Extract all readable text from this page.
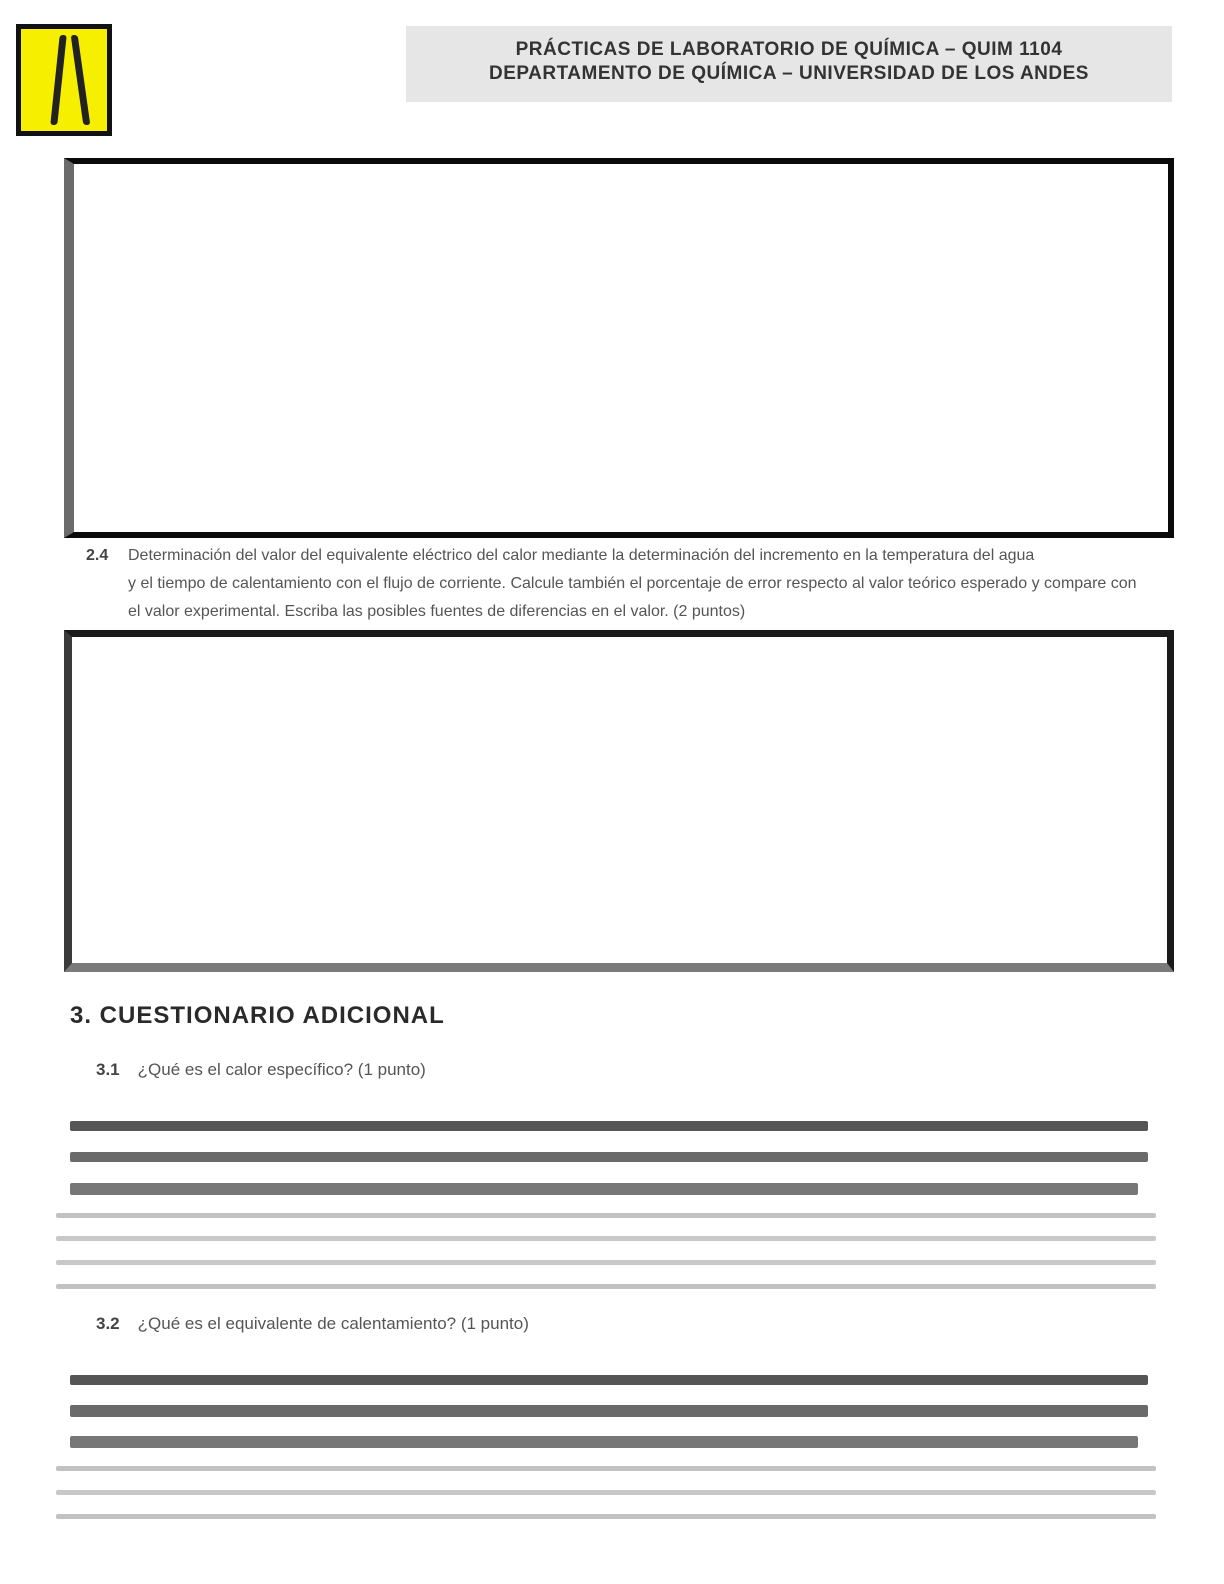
PRÁCTICAS DE LABORATORIO DE QUÍMICA – QUIM 1104
DEPARTAMENTO DE QUÍMICA – UNIVERSIDAD DE LOS ANDES
2.4 Determinación del valor del equivalente eléctrico del calor mediante la determinación del incremento en la temperatura del agua
y el tiempo de calentamiento con el flujo de corriente. Calcule también el porcentaje de error respecto al valor teórico esperado y compare con
el valor experimental. Escriba las posibles fuentes de diferencias en el valor. (2 puntos)
3. CUESTIONARIO ADICIONAL
3.1 ¿Qué es el calor específico? (1 punto)
3.2 ¿Qué es el equivalente de calentamiento? (1 punto)
